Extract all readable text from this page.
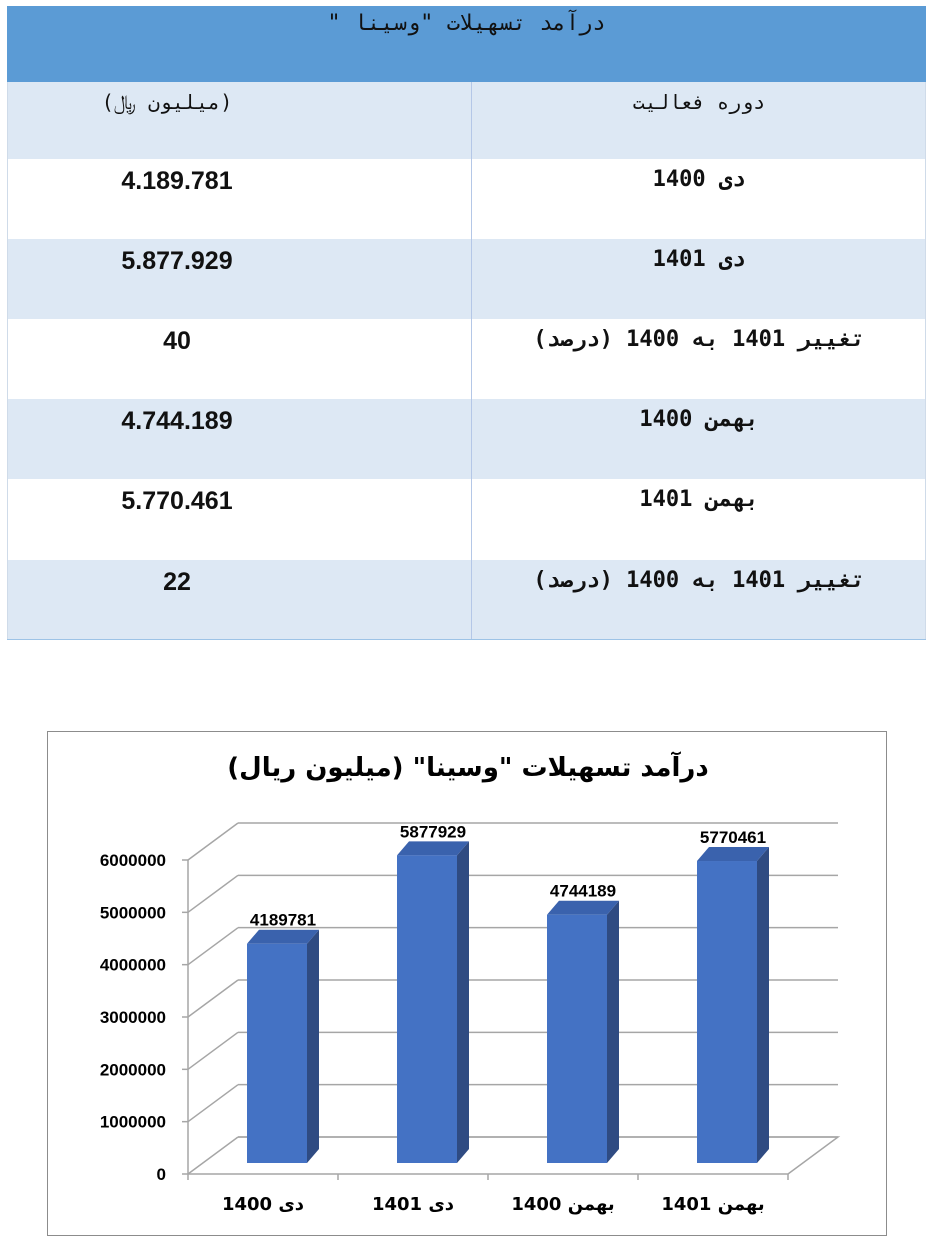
درآمد تسهیلات "وسینا "
دوره فعالیت
(میلیون ﷼)
دی 1400
4.189.781
دی 1401
5.877.929
تغییر 1401 به 1400 (درصد)
40
بهمن 1400
4.744.189
بهمن 1401
5.770.461
تغییر 1401 به 1400 (درصد)
22
درآمد تسهیلات "وسینا" (میلیون ریال)
0
1000000
2000000
3000000
4000000
5000000
6000000
4189781
دی 1400
5877929
دی 1401
4744189
بهمن 1400
5770461
بهمن 1401
